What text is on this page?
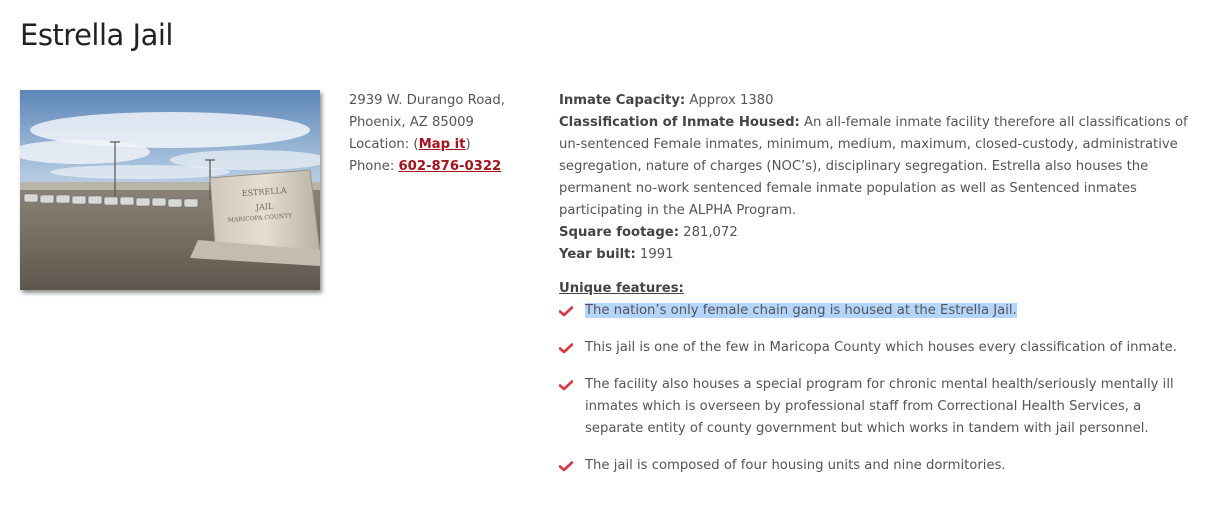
Estrella Jail
ESTRELLA
JAIL
MARICOPA COUNTY
2939 W. Durango Road,
Phoenix, AZ 85009
Location: (Map it)
Phone: 602-876-0322

Inmate Capacity: Approx 1380

Classification of Inmate Housed: An all-female inmate facility therefore all classifications of un-sentenced Female inmates, minimum, medium, maximum, closed-custody, administrative segregation, nature of charges (NOC’s), disciplinary segregation. Estrella also houses the permanent no-work sentenced female inmate population as well as Sentenced inmates participating in the ALPHA Program.

Square footage: 281,072

Year built: 1991

Unique features:
The nation’s only female chain gang is housed at the Estrella Jail.
This jail is one of the few in Maricopa County which houses every classification of inmate.
The facility also houses a special program for chronic mental health/seriously mentally ill inmates which is overseen by professional staff from Correctional Health Services, a separate entity of county government but which works in tandem with jail personnel.
The jail is composed of four housing units and nine dormitories.
